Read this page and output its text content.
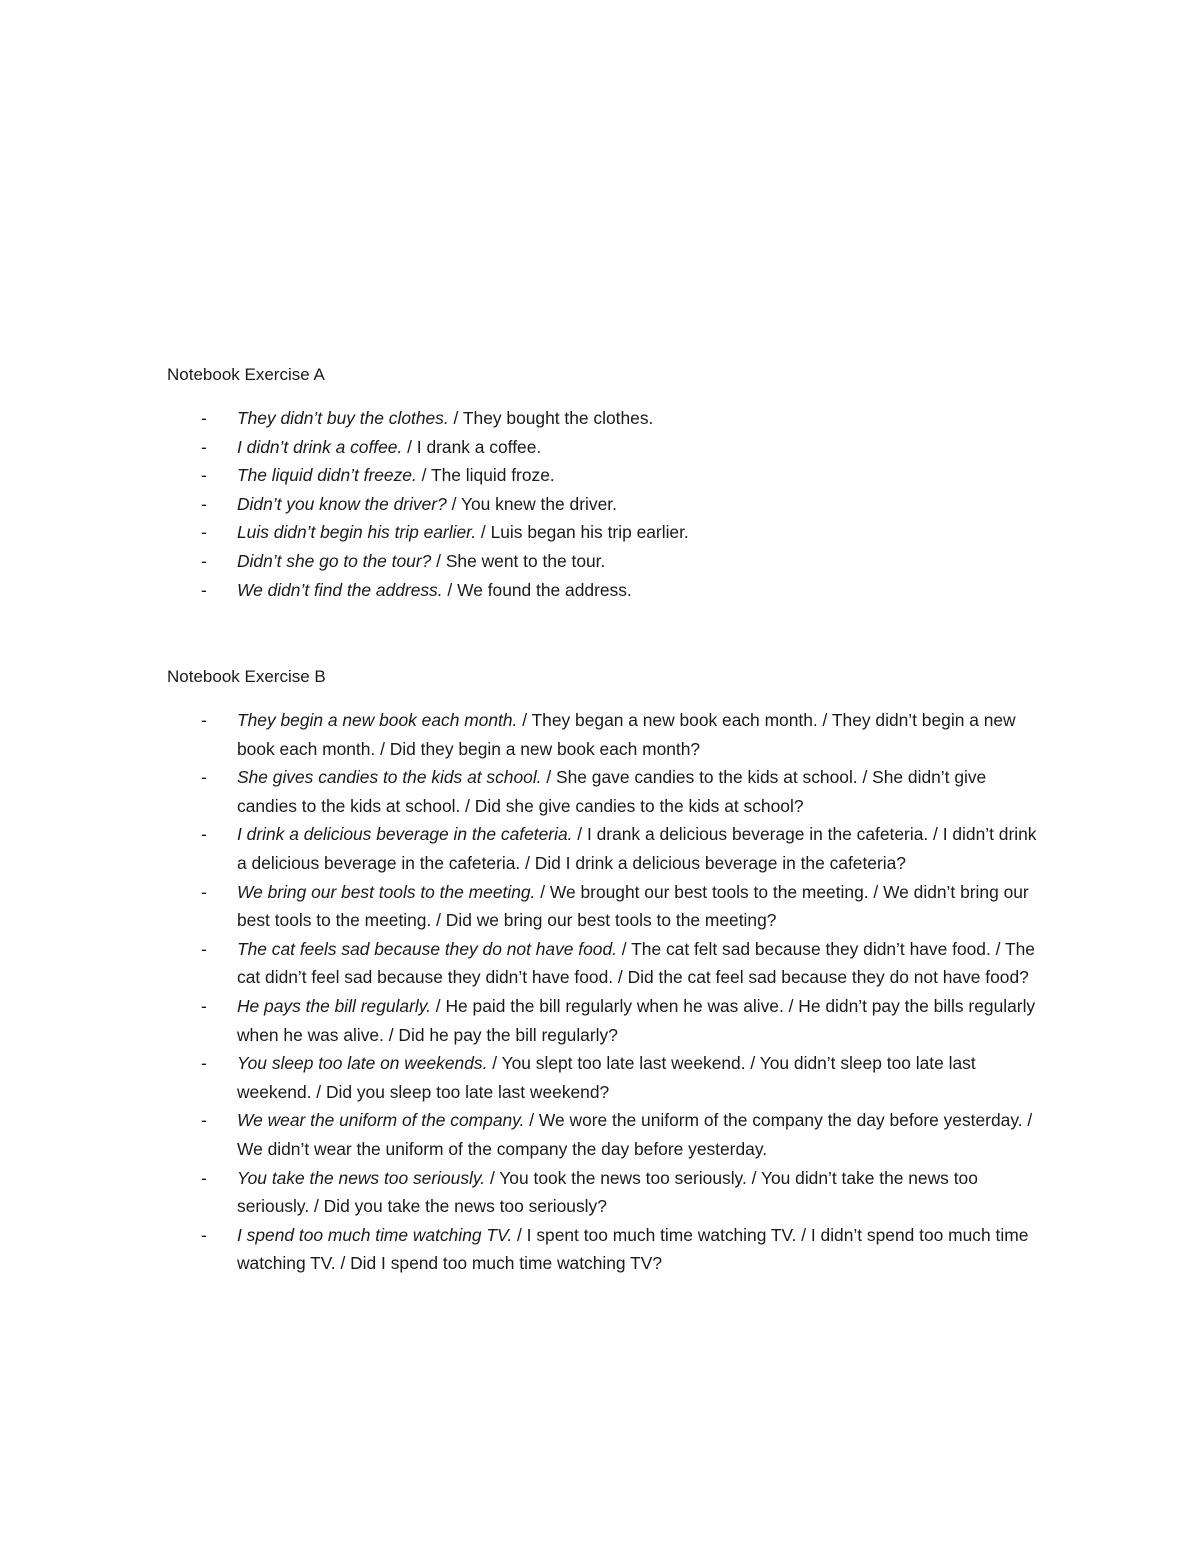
Notebook Exercise A
- They didn’t buy the clothes. / They bought the clothes.
- I didn’t drink a coffee. / I drank a coffee.
- The liquid didn’t freeze. / The liquid froze.
- Didn’t you know the driver? / You knew the driver.
- Luis didn’t begin his trip earlier. / Luis began his trip earlier.
- Didn’t she go to the tour? / She went to the tour.
- We didn’t find the address. / We found the address.
Notebook Exercise B
- They begin a new book each month. / They began a new book each month. / They didn’t begin a new book each month. / Did they begin a new book each month?
- She gives candies to the kids at school. / She gave candies to the kids at school. / She didn’t give candies to the kids at school. / Did she give candies to the kids at school?
- I drink a delicious beverage in the cafeteria. / I drank a delicious beverage in the cafeteria. / I didn’t drink a delicious beverage in the cafeteria. / Did I drink a delicious beverage in the cafeteria?
- We bring our best tools to the meeting. / We brought our best tools to the meeting. / We didn’t bring our best tools to the meeting. / Did we bring our best tools to the meeting?
- The cat feels sad because they do not have food. / The cat felt sad because they didn’t have food. / The cat didn’t feel sad because they didn’t have food. / Did the cat feel sad because they do not have food?
- He pays the bill regularly. / He paid the bill regularly when he was alive. / He didn’t pay the bills regularly when he was alive. / Did he pay the bill regularly?
- You sleep too late on weekends. / You slept too late last weekend. / You didn’t sleep too late last weekend. / Did you sleep too late last weekend?
- We wear the uniform of the company. / We wore the uniform of the company the day before yesterday. / We didn’t wear the uniform of the company the day before yesterday.
- You take the news too seriously. / You took the news too seriously. / You didn’t take the news too seriously. / Did you take the news too seriously?
- I spend too much time watching TV. / I spent too much time watching TV. / I didn’t spend too much time watching TV. / Did I spend too much time watching TV?
